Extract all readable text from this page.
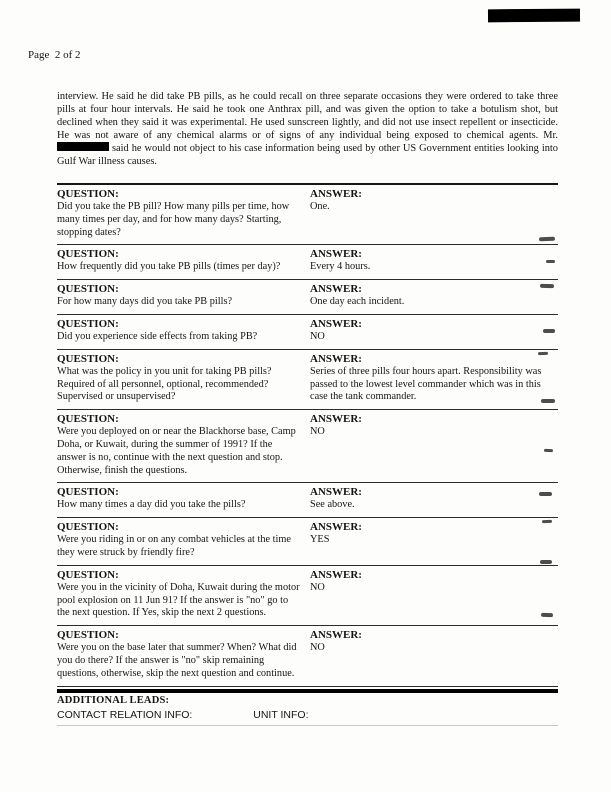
Page  2 of 2
interview. He said he did take PB pills, as he could recall on three separate occasions they were ordered to take three pills at four hour intervals. He said he took one Anthrax pill, and was given the option to take a botulism shot, but declined when they said it was experimental. He used sunscreen lightly, and did not use insect repellent or insecticide. He was not aware of any chemical alarms or of signs of any individual being exposed to chemical agents. Mr.  said he would not object to his case information being used by other US Government entities looking into Gulf War illness causes.
QUESTION:
Did you take the PB pill? How many pills per time, how many times per day, and for how many days? Starting, stopping dates?
ANSWER:
One.
QUESTION:
How frequently did you take PB pills (times per day)?
ANSWER:
Every 4 hours.
QUESTION:
For how many days did you take PB pills?
ANSWER:
One day each incident.
QUESTION:
Did you experience side effects from taking PB?
ANSWER:
NO
QUESTION:
What was the policy in you unit for taking PB pills? Required of all personnel, optional, recommended? Supervised or unsupervised?
ANSWER:
Series of three pills four hours apart. Responsibility was passed to the lowest level commander which was in this case the tank commander.
QUESTION:
Were you deployed on or near the Blackhorse base, Camp Doha, or Kuwait, during the summer of 1991? If the answer is no, continue with the next question and stop. Otherwise, finish the questions.
ANSWER:
NO
QUESTION:
How many times a day did you take the pills?
ANSWER:
See above.
QUESTION:
Were you riding in or on any combat vehicles at the time they were struck by friendly fire?
ANSWER:
YES
QUESTION:
Were you in the vicinity of Doha, Kuwait during the motor pool explosion on 11 Jun 91? If the answer is "no" go to the next question. If Yes, skip the next 2 questions.
ANSWER:
NO
QUESTION:
Were you on the base later that summer? When? What did you do there? If the answer is "no" skip remaining questions, otherwise, skip the next question and continue.
ANSWER:
NO
ADDITIONAL LEADS:
CONTACT RELATION INFO:	UNIT INFO:
